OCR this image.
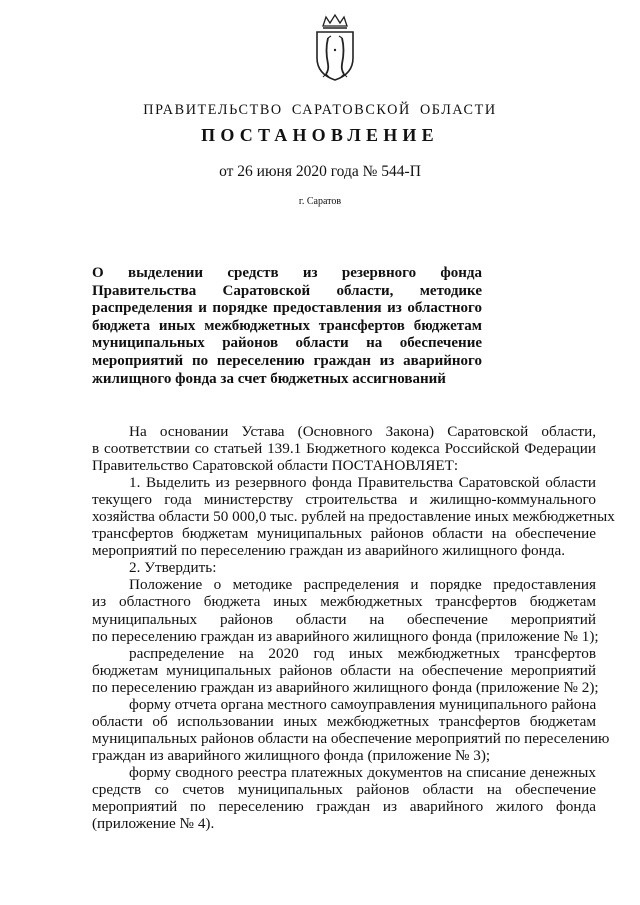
ПРАВИТЕЛЬСТВО САРАТОВСКОЙ ОБЛАСТИ
ПОСТАНОВЛЕНИЕ
от 26 июня 2020 года № 544-П
г. Саратов
О выделении средств из резервного фонда
Правительства Саратовской области, методике
распределения и порядке предоставления из областного
бюджета иных межбюджетных трансфертов бюджетам
муниципальных районов области на обеспечение
мероприятий по переселению граждан из аварийного
жилищного фонда за счет бюджетных ассигнований
На основании Устава (Основного Закона) Саратовской области,
в соответствии со статьей 139.1 Бюджетного кодекса Российской Федерации
Правительство Саратовской области ПОСТАНОВЛЯЕТ:
1. Выделить из резервного фонда Правительства Саратовской области
текущего года министерству строительства и жилищно-коммунального
хозяйства области 50 000,0 тыс. рублей на предоставление иных межбюджетных
трансфертов бюджетам муниципальных районов области на обеспечение
мероприятий по переселению граждан из аварийного жилищного фонда.
2. Утвердить:
Положение о методике распределения и порядке предоставления
из областного бюджета иных межбюджетных трансфертов бюджетам
муниципальных районов области на обеспечение мероприятий
по переселению граждан из аварийного жилищного фонда (приложение № 1);
распределение на 2020 год иных межбюджетных трансфертов
бюджетам муниципальных районов области на обеспечение мероприятий
по переселению граждан из аварийного жилищного фонда (приложение № 2);
форму отчета органа местного самоуправления муниципального района
области об использовании иных межбюджетных трансфертов бюджетам
муниципальных районов области на обеспечение мероприятий по переселению
граждан из аварийного жилищного фонда (приложение № 3);
форму сводного реестра платежных документов на списание денежных
средств со счетов муниципальных районов области на обеспечение
мероприятий по переселению граждан из аварийного жилого фонда
(приложение № 4).
